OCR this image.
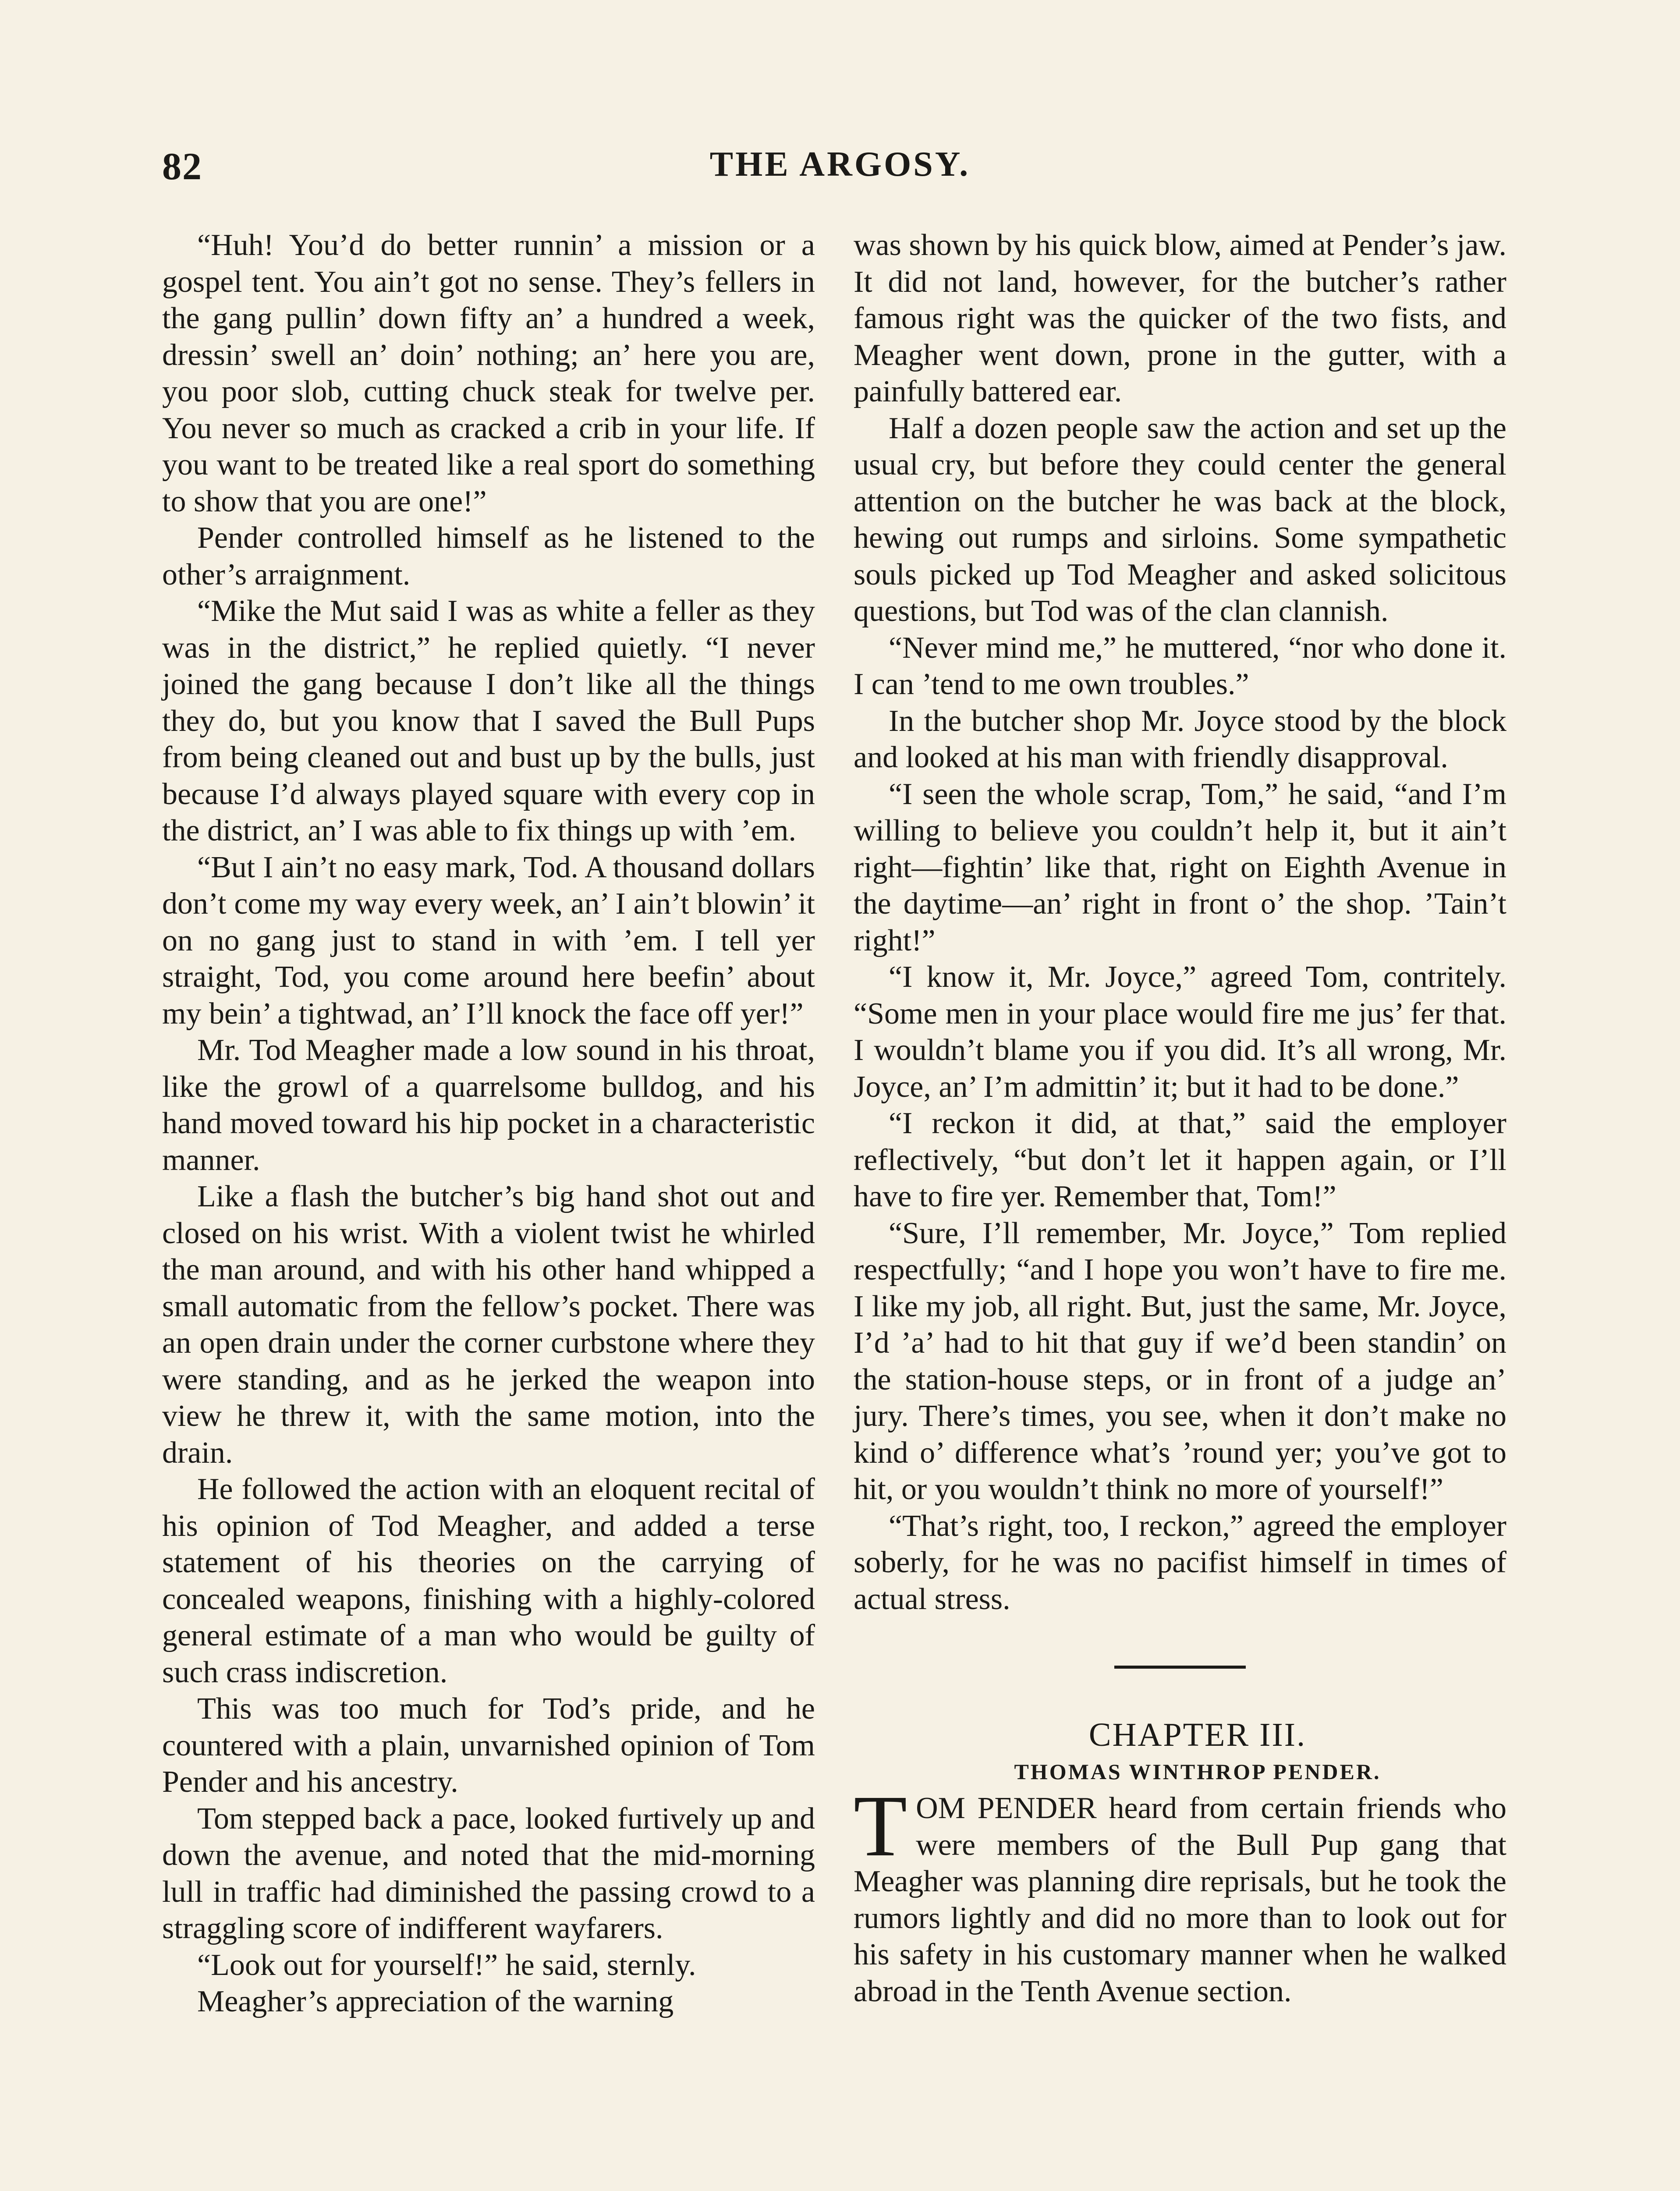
82	THE ARGOSY.

“Huh! You’d do better runnin’ a mission or a gospel tent. You ain’t got no sense. They’s fellers in the gang pullin’ down fifty an’ a hundred a week, dressin’ swell an’ doin’ nothing; an’ here you are, you poor slob, cutting chuck steak for twelve per. You never so much as cracked a crib in your life. If you want to be treated like a real sport do something to show that you are one!”

Pender controlled himself as he listened to the other’s arraignment.

“Mike the Mut said I was as white a feller as they was in the district,” he replied quietly. “I never joined the gang because I don’t like all the things they do, but you know that I saved the Bull Pups from being cleaned out and bust up by the bulls, just because I’d always played square with every cop in the district, an’ I was able to fix things up with ’em.

“But I ain’t no easy mark, Tod. A thousand dollars don’t come my way every week, an’ I ain’t blowin’ it on no gang just to stand in with ’em. I tell yer straight, Tod, you come around here beefin’ about my bein’ a tightwad, an’ I’ll knock the face off yer!”

Mr. Tod Meagher made a low sound in his throat, like the growl of a quarrelsome bulldog, and his hand moved toward his hip pocket in a characteristic manner.

Like a flash the butcher’s big hand shot out and closed on his wrist. With a violent twist he whirled the man around, and with his other hand whipped a small automatic from the fellow’s pocket. There was an open drain under the corner curbstone where they were standing, and as he jerked the weapon into view he threw it, with the same motion, into the drain.

He followed the action with an eloquent recital of his opinion of Tod Meagher, and added a terse statement of his theories on the carrying of concealed weapons, finishing with a highly-colored general estimate of a man who would be guilty of such crass indiscretion.

This was too much for Tod’s pride, and he countered with a plain, unvarnished opinion of Tom Pender and his ancestry.

Tom stepped back a pace, looked furtively up and down the avenue, and noted that the mid-morning lull in traffic had diminished the passing crowd to a straggling score of indifferent wayfarers.

“Look out for yourself!” he said, sternly.

Meagher’s appreciation of the warning

was shown by his quick blow, aimed at Pender’s jaw. It did not land, however, for the butcher’s rather famous right was the quicker of the two fists, and Meagher went down, prone in the gutter, with a painfully battered ear.

Half a dozen people saw the action and set up the usual cry, but before they could center the general attention on the butcher he was back at the block, hewing out rumps and sirloins. Some sympathetic souls picked up Tod Meagher and asked solicitous questions, but Tod was of the clan clannish.

“Never mind me,” he muttered, “nor who done it. I can ’tend to me own troubles.”

In the butcher shop Mr. Joyce stood by the block and looked at his man with friendly disapproval.

“I seen the whole scrap, Tom,” he said, “and I’m willing to believe you couldn’t help it, but it ain’t right—fightin’ like that, right on Eighth Avenue in the daytime—an’ right in front o’ the shop. ’Tain’t right!”

“I know it, Mr. Joyce,” agreed Tom, contritely. “Some men in your place would fire me jus’ fer that. I wouldn’t blame you if you did. It’s all wrong, Mr. Joyce, an’ I’m admittin’ it; but it had to be done.”

“I reckon it did, at that,” said the employer reflectively, “but don’t let it happen again, or I’ll have to fire yer. Remember that, Tom!”

“Sure, I’ll remember, Mr. Joyce,” Tom replied respectfully; “and I hope you won’t have to fire me. I like my job, all right. But, just the same, Mr. Joyce, I’d ’a’ had to hit that guy if we’d been standin’ on the station-house steps, or in front of a judge an’ jury. There’s times, you see, when it don’t make no kind o’ difference what’s ’round yer; you’ve got to hit, or you wouldn’t think no more of yourself!”

“That’s right, too, I reckon,” agreed the employer soberly, for he was no pacifist himself in times of actual stress.

CHAPTER III.

THOMAS WINTHROP PENDER.

TOM PENDER heard from certain friends who were members of the Bull Pup gang that Meagher was planning dire reprisals, but he took the rumors lightly and did no more than to look out for his safety in his customary manner when he walked abroad in the Tenth Avenue section.
